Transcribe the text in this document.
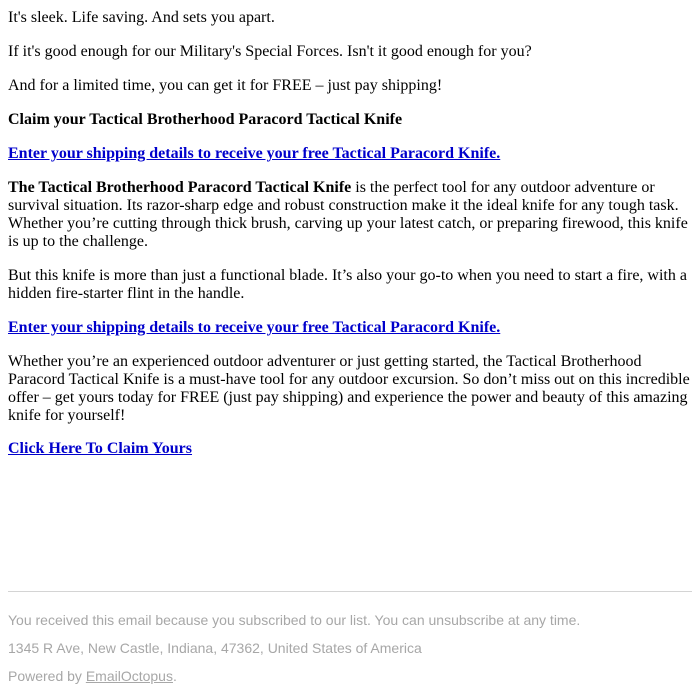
It's sleek. Life saving. And sets you apart.

If it's good enough for our Military's Special Forces. Isn't it good enough for you?

And for a limited time, you can get it for FREE – just pay shipping!

Claim your Tactical Brotherhood Paracord Tactical Knife

Enter your shipping details to receive your free Tactical Paracord Knife.

The Tactical Brotherhood Paracord Tactical Knife is the perfect tool for any outdoor adventure or survival situation. Its razor-sharp edge and robust construction make it the ideal knife for any tough task. Whether you’re cutting through thick brush, carving up your latest catch, or preparing firewood, this knife is up to the challenge.

But this knife is more than just a functional blade. It’s also your go-to when you need to start a fire, with a hidden fire-starter flint in the handle.

Enter your shipping details to receive your free Tactical Paracord Knife.

Whether you’re an experienced outdoor adventurer or just getting started, the Tactical Brotherhood Paracord Tactical Knife is a must-have tool for any outdoor excursion. So don’t miss out on this incredible offer – get yours today for FREE (just pay shipping) and experience the power and beauty of this amazing knife for yourself!

Click Here To Claim Yours

You received this email because you subscribed to our list. You can unsubscribe at any time.

1345 R Ave, New Castle, Indiana, 47362, United States of America

Powered by EmailOctopus.
